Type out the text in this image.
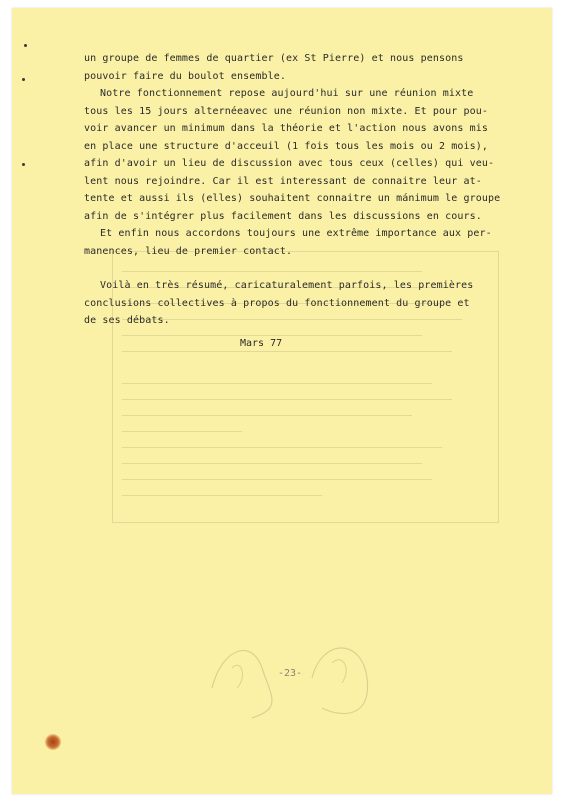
un groupe de femmes de quartier (ex St Pierre) et nous pensons
pouvoir faire du boulot ensemble.

Notre fonctionnement repose aujourd'hui sur une réunion mixte
tous les 15 jours alternéeavec une réunion non mixte. Et pour pou-
voir avancer un minimum dans la théorie et l'action nous avons mis
en place une structure d'acceuil (1 fois tous les mois ou 2 mois),
afin d'avoir un lieu de discussion avec tous ceux (celles) qui veu-
lent nous rejoindre. Car il est interessant de connaitre leur at-
tente et aussi ils (elles) souhaitent connaitre un mánimum le groupe
afin de s'intégrer plus facilement dans les discussions en cours.

Et enfin nous accordons toujours une extrême importance aux per-
manences, lieu de premier contact.

Voilà en très résumé, caricaturalement parfois, les premières
conclusions collectives à propos du fonctionnement du groupe et
de ses débats.

Mars 77
-23-
